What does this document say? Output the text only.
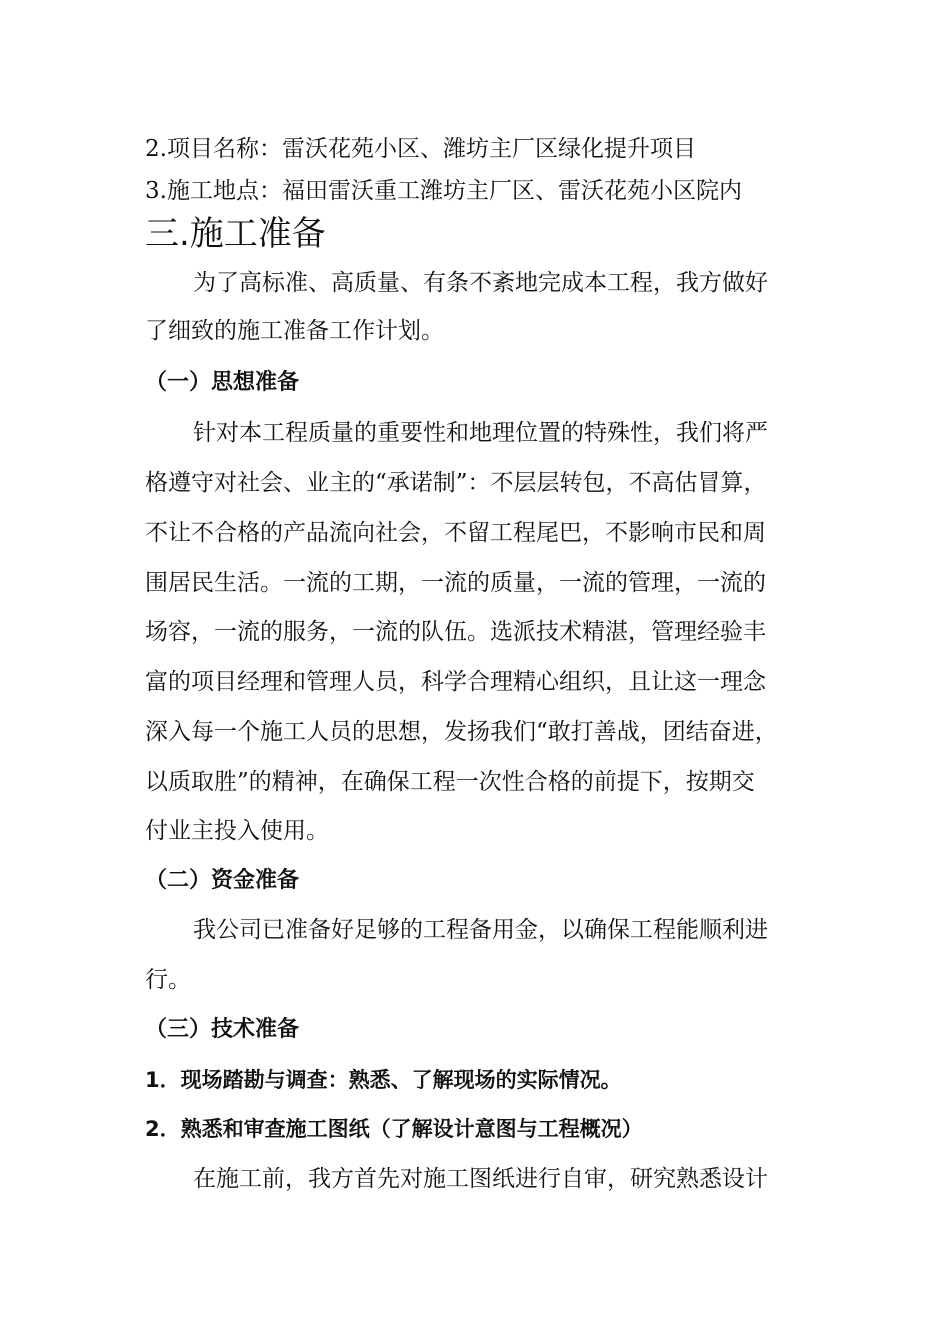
2.项目名称：雷沃花苑小区、潍坊主厂区绿化提升项目
3.施工地点：福田雷沃重工潍坊主厂区、雷沃花苑小区院内
三.施工准备
为了高标准、高质量、有条不紊地完成本工程，我方做好
了细致的施工准备工作计划。
（一）思想准备
针对本工程质量的重要性和地理位置的特殊性，我们将严
格遵守对社会、业主的“承诺制”：不层层转包，不高估冒算，
不让不合格的产品流向社会，不留工程尾巴，不影响市民和周
围居民生活。一流的工期，一流的质量，一流的管理，一流的
场容，一流的服务，一流的队伍。选派技术精湛，管理经验丰
富的项目经理和管理人员，科学合理精心组织，且让这一理念
深入每一个施工人员的思想，发扬我们“敢打善战，团结奋进，
以质取胜”的精神，在确保工程一次性合格的前提下，按期交
付业主投入使用。
（二）资金准备
我公司已准备好足够的工程备用金，以确保工程能顺利进
行。
（三）技术准备
1．现场踏勘与调查：熟悉、了解现场的实际情况。
2．熟悉和审查施工图纸（了解设计意图与工程概况）
在施工前，我方首先对施工图纸进行自审，研究熟悉设计
